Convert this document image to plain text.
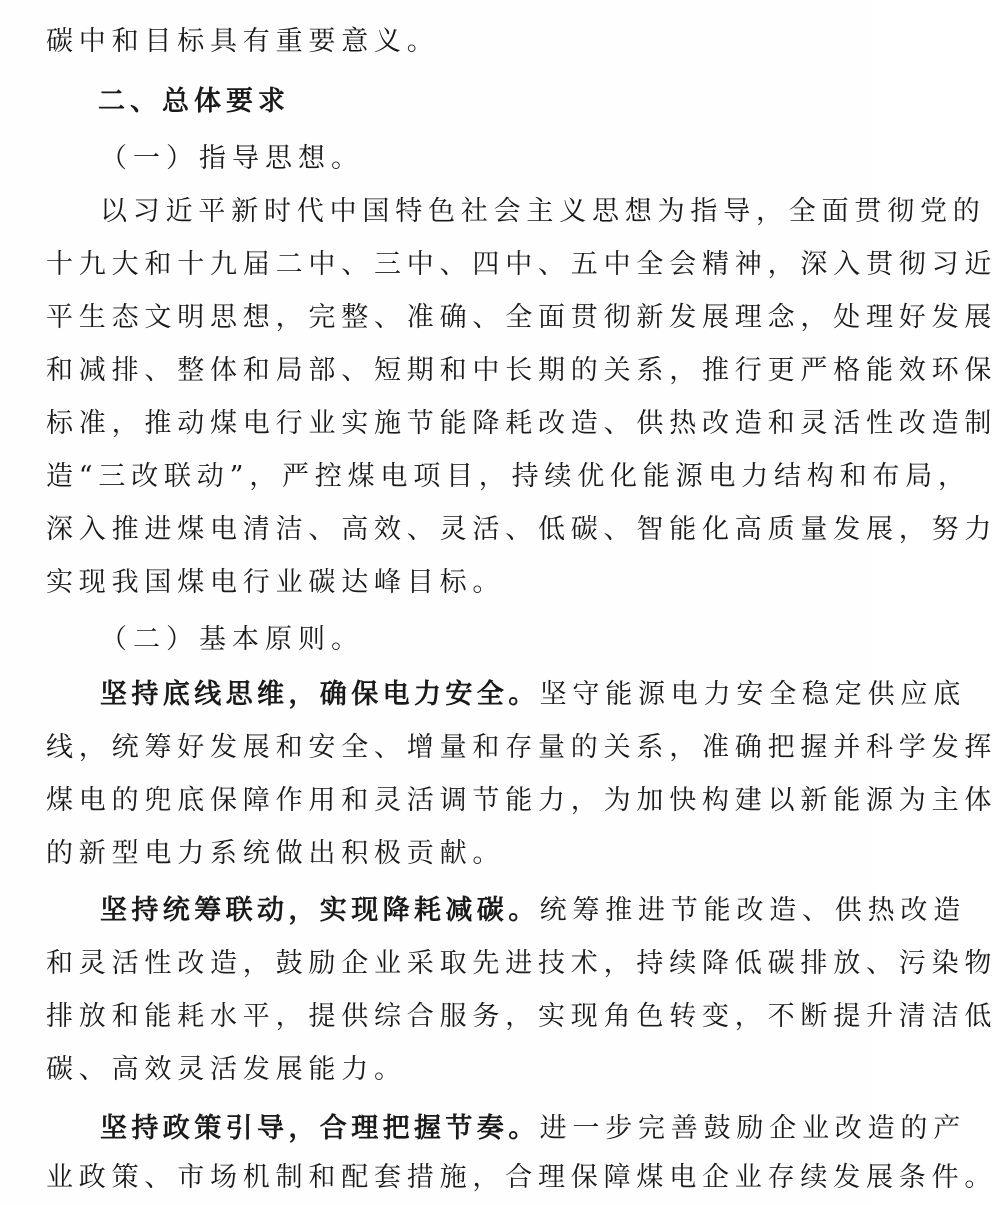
碳中和目标具有重要意义。
二、总体要求
（一）指导思想。
以习近平新时代中国特色社会主义思想为指导，全面贯彻党的
十九大和十九届二中、三中、四中、五中全会精神，深入贯彻习近
平生态文明思想，完整、准确、全面贯彻新发展理念，处理好发展
和减排、整体和局部、短期和中长期的关系，推行更严格能效环保
标准，推动煤电行业实施节能降耗改造、供热改造和灵活性改造制
造“三改联动”，严控煤电项目，持续优化能源电力结构和布局，
深入推进煤电清洁、高效、灵活、低碳、智能化高质量发展，努力
实现我国煤电行业碳达峰目标。
（二）基本原则。
坚持底线思维，确保电力安全。坚守能源电力安全稳定供应底
线，统筹好发展和安全、增量和存量的关系，准确把握并科学发挥
煤电的兜底保障作用和灵活调节能力，为加快构建以新能源为主体
的新型电力系统做出积极贡献。
坚持统筹联动，实现降耗减碳。统筹推进节能改造、供热改造
和灵活性改造，鼓励企业采取先进技术，持续降低碳排放、污染物
排放和能耗水平，提供综合服务，实现角色转变，不断提升清洁低
碳、高效灵活发展能力。
坚持政策引导，合理把握节奏。进一步完善鼓励企业改造的产
业政策、市场机制和配套措施，合理保障煤电企业存续发展条件。
